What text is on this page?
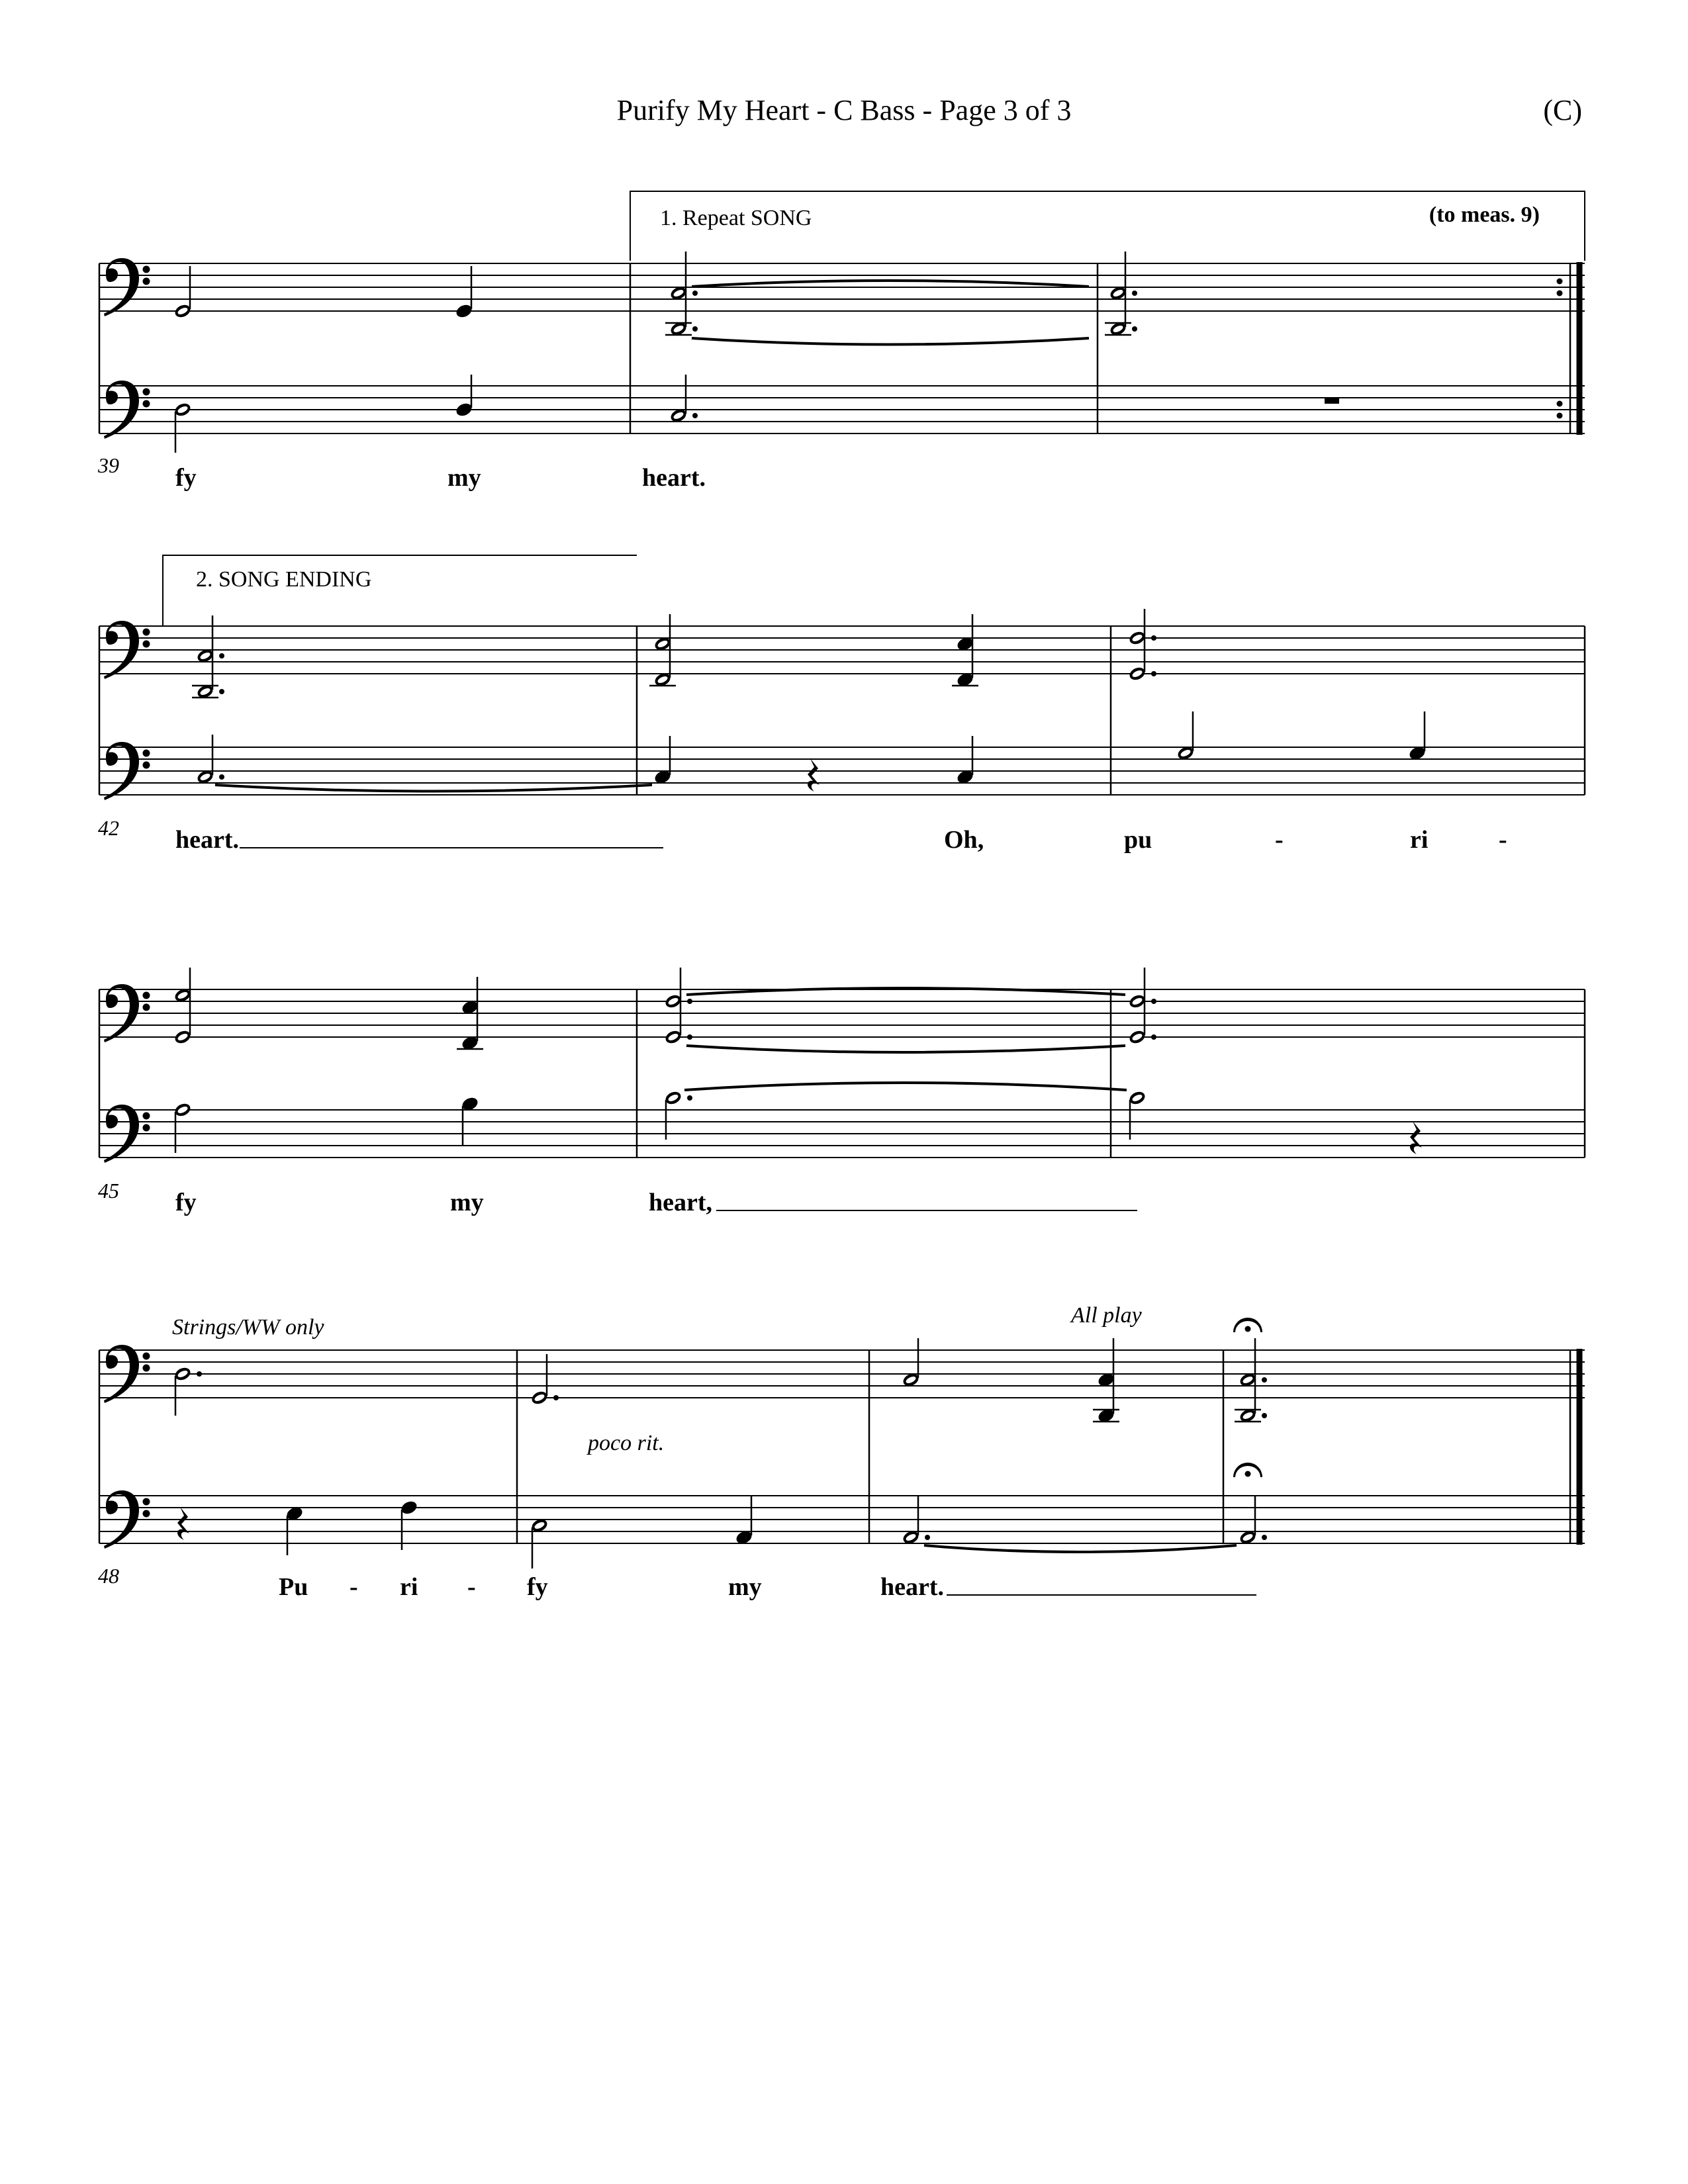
Purify My Heart - C Bass - Page 3 of 3	(C)
1. Repeat SONG	(to meas. 9)
39 fy	my	heart.
2. SONG ENDING
42 heart.	Oh,	pu	-	ri	-
45 fy	my	heart,
Strings/WW only
poco rit.
All play
48	Pu - ri - fy	my	heart.
